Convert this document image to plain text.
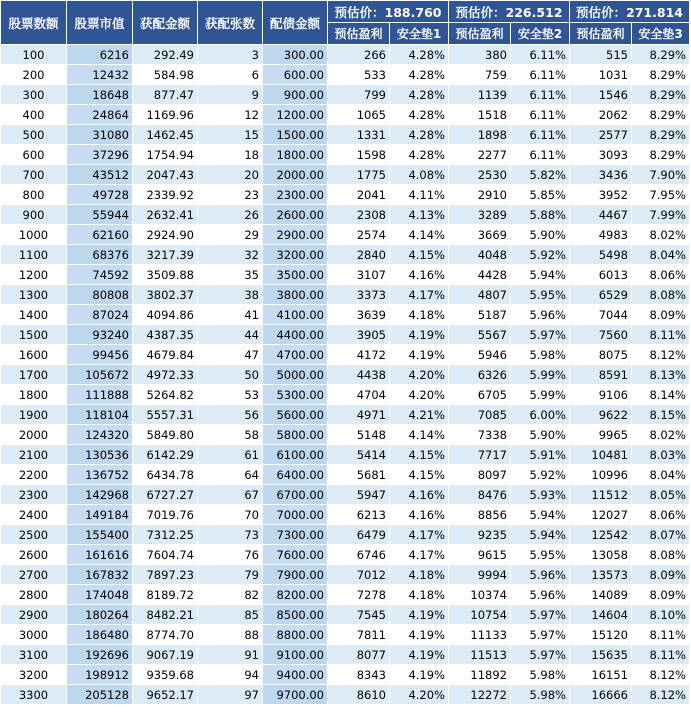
股票数额	股票市值	获配金额	获配张数	配债金额	预估价：188.760		预估价：226.512		预估价：271.814	
					预估盈利	安全垫1	预估盈利	安全垫2	预估盈利	安全垫3
100	6216	292.49	3	300.00	266	4.28%	380	6.11%	515	8.29%
200	12432	584.98	6	600.00	533	4.28%	759	6.11%	1031	8.29%
300	18648	877.47	9	900.00	799	4.28%	1139	6.11%	1546	8.29%
400	24864	1169.96	12	1200.00	1065	4.28%	1518	6.11%	2062	8.29%
500	31080	1462.45	15	1500.00	1331	4.28%	1898	6.11%	2577	8.29%
600	37296	1754.94	18	1800.00	1598	4.28%	2277	6.11%	3093	8.29%
700	43512	2047.43	20	2000.00	1775	4.08%	2530	5.82%	3436	7.90%
800	49728	2339.92	23	2300.00	2041	4.11%	2910	5.85%	3952	7.95%
900	55944	2632.41	26	2600.00	2308	4.13%	3289	5.88%	4467	7.99%
1000	62160	2924.90	29	2900.00	2574	4.14%	3669	5.90%	4983	8.02%
1100	68376	3217.39	32	3200.00	2840	4.15%	4048	5.92%	5498	8.04%
1200	74592	3509.88	35	3500.00	3107	4.16%	4428	5.94%	6013	8.06%
1300	80808	3802.37	38	3800.00	3373	4.17%	4807	5.95%	6529	8.08%
1400	87024	4094.86	41	4100.00	3639	4.18%	5187	5.96%	7044	8.09%
1500	93240	4387.35	44	4400.00	3905	4.19%	5567	5.97%	7560	8.11%
1600	99456	4679.84	47	4700.00	4172	4.19%	5946	5.98%	8075	8.12%
1700	105672	4972.33	50	5000.00	4438	4.20%	6326	5.99%	8591	8.13%
1800	111888	5264.82	53	5300.00	4704	4.20%	6705	5.99%	9106	8.14%
1900	118104	5557.31	56	5600.00	4971	4.21%	7085	6.00%	9622	8.15%
2000	124320	5849.80	58	5800.00	5148	4.14%	7338	5.90%	9965	8.02%
2100	130536	6142.29	61	6100.00	5414	4.15%	7717	5.91%	10481	8.03%
2200	136752	6434.78	64	6400.00	5681	4.15%	8097	5.92%	10996	8.04%
2300	142968	6727.27	67	6700.00	5947	4.16%	8476	5.93%	11512	8.05%
2400	149184	7019.76	70	7000.00	6213	4.16%	8856	5.94%	12027	8.06%
2500	155400	7312.25	73	7300.00	6479	4.17%	9235	5.94%	12542	8.07%
2600	161616	7604.74	76	7600.00	6746	4.17%	9615	5.95%	13058	8.08%
2700	167832	7897.23	79	7900.00	7012	4.18%	9994	5.96%	13573	8.09%
2800	174048	8189.72	82	8200.00	7278	4.18%	10374	5.96%	14089	8.09%
2900	180264	8482.21	85	8500.00	7545	4.19%	10754	5.97%	14604	8.10%
3000	186480	8774.70	88	8800.00	7811	4.19%	11133	5.97%	15120	8.11%
3100	192696	9067.19	91	9100.00	8077	4.19%	11513	5.97%	15635	8.11%
3200	198912	9359.68	94	9400.00	8343	4.19%	11892	5.98%	16151	8.12%
3300	205128	9652.17	97	9700.00	8610	4.20%	12272	5.98%	16666	8.12%
